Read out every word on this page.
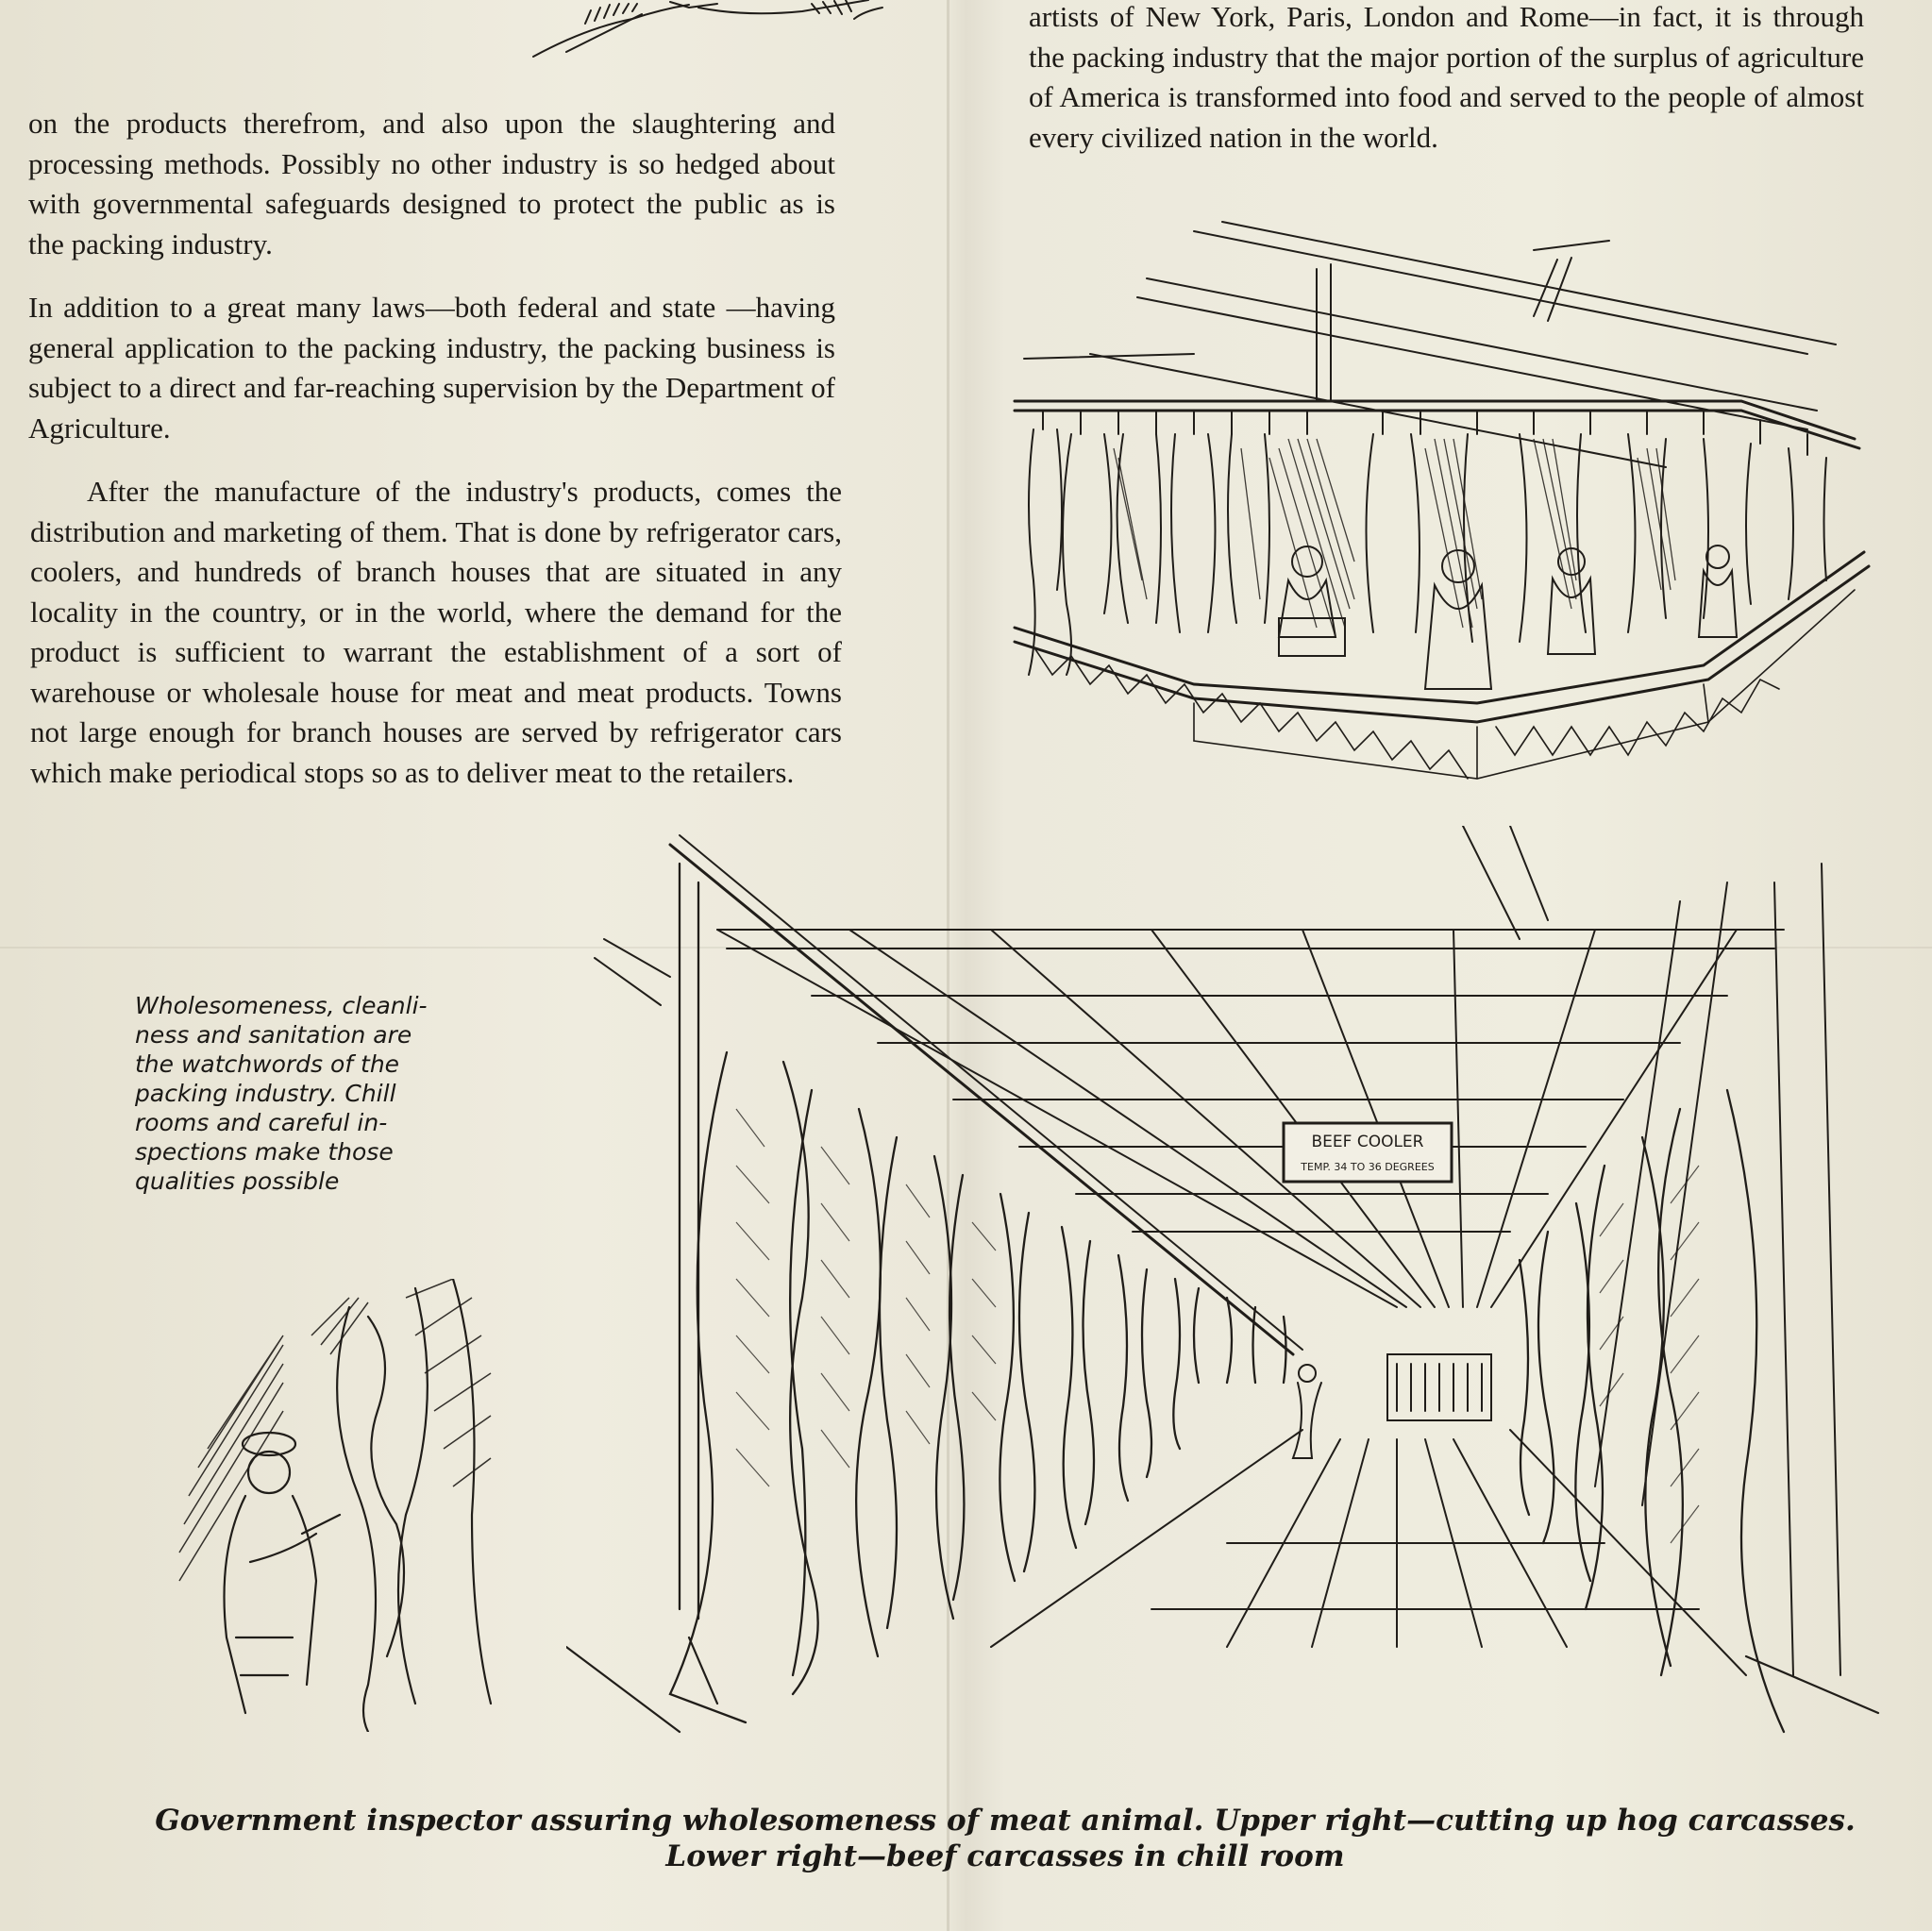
on the products therefrom, and also upon the slaughtering and processing methods. Possibly no other industry is so hedged about with governmental safeguards designed to protect the public as is the packing industry.

In addition to a great many laws—both federal and state —having general application to the packing industry, the packing business is subject to a direct and far-reaching supervision by the Department of Agriculture.

After the manufacture of the industry's products, comes the distribution and marketing of them. That is done by refrigerator cars, coolers, and hundreds of branch houses that are situated in any locality in the country, or in the world, where the demand for the product is sufficient to warrant the establishment of a sort of warehouse or wholesale house for meat and meat products. Towns not large enough for branch houses are served by refrigerator cars which make periodical stops so as to deliver meat to the retailers.

artists of New York, Paris, London and Rome—in fact, it is through the packing industry that the major portion of the surplus of agriculture of America is transformed into food and served to the people of almost every civilized nation in the world.

Wholesomeness, cleanli-
ness and sanitation are
the watchwords of the
packing industry. Chill
rooms and careful in-
spections make those
qualities possible
BEEF COOLER
TEMP. 34 TO 36 DEGREES
Government inspector assuring wholesomeness of meat animal. Upper right—cutting up hog carcasses.
Lower right—beef carcasses in chill room
